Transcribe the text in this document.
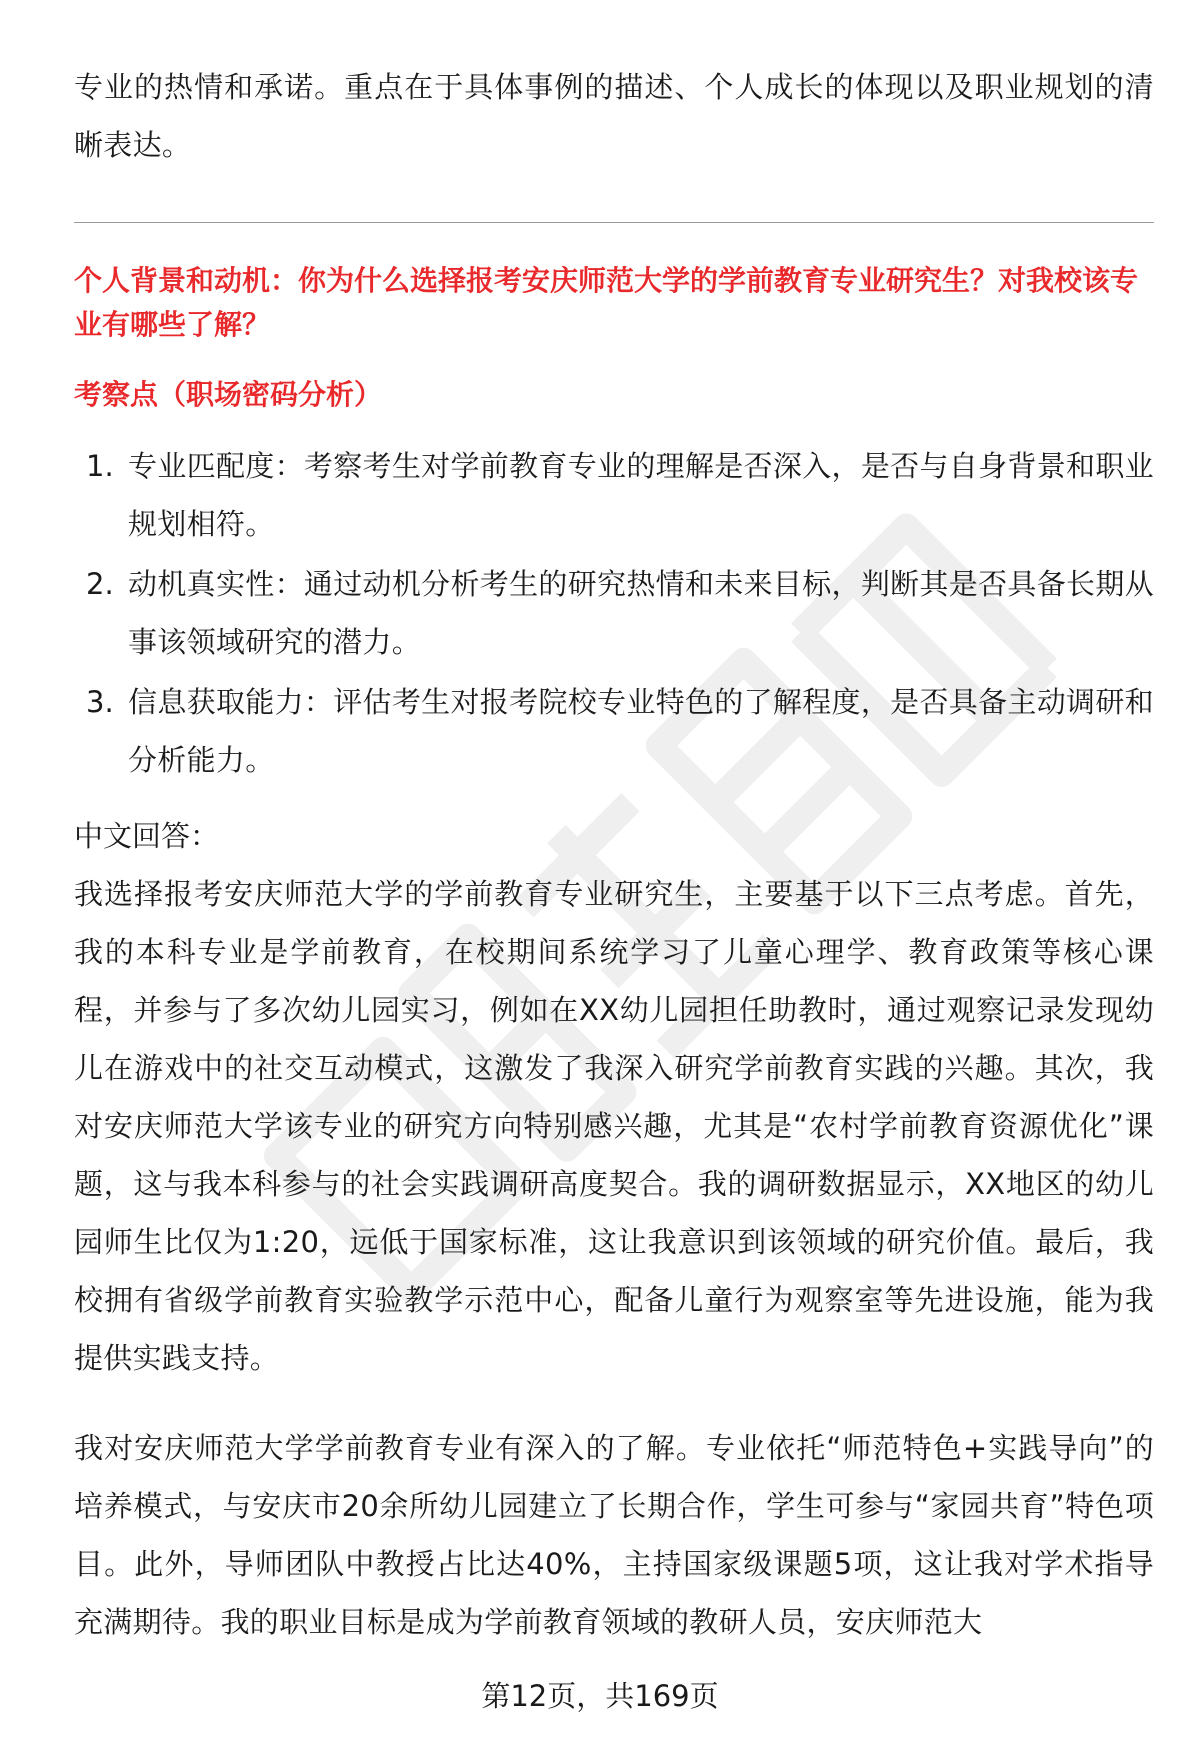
专业的热情和承诺。重点在于具体事例的描述、个人成长的体现以及职业规划的清晰表达。

个人背景和动机：你为什么选择报考安庆师范大学的学前教育专业研究生？对我校该专业有哪些了解？

考察点（职场密码分析）

1. 专业匹配度：考察考生对学前教育专业的理解是否深入，是否与自身背景和职业规划相符。

2. 动机真实性：通过动机分析考生的研究热情和未来目标，判断其是否具备长期从事该领域研究的潜力。

3. 信息获取能力：评估考生对报考院校专业特色的了解程度，是否具备主动调研和分析能力。

中文回答：

我选择报考安庆师范大学的学前教育专业研究生，主要基于以下三点考虑。首先，我的本科专业是学前教育，在校期间系统学习了儿童心理学、教育政策等核心课程，并参与了多次幼儿园实习，例如在XX幼儿园担任助教时，通过观察记录发现幼儿在游戏中的社交互动模式，这激发了我深入研究学前教育实践的兴趣。其次，我对安庆师范大学该专业的研究方向特别感兴趣，尤其是“农村学前教育资源优化”课题，这与我本科参与的社会实践调研高度契合。我的调研数据显示，XX地区的幼儿园师生比仅为1:20，远低于国家标准，这让我意识到该领域的研究价值。最后，我校拥有省级学前教育实验教学示范中心，配备儿童行为观察室等先进设施，能为我提供实践支持。

我对安庆师范大学学前教育专业有深入的了解。专业依托“师范特色+实践导向”的培养模式，与安庆市20余所幼儿园建立了长期合作，学生可参与“家园共育”特色项目。此外，导师团队中教授占比达40%，主持国家级课题5项，这让我对学术指导充满期待。我的职业目标是成为学前教育领域的教研人员，安庆师范大

第12页，共169页
